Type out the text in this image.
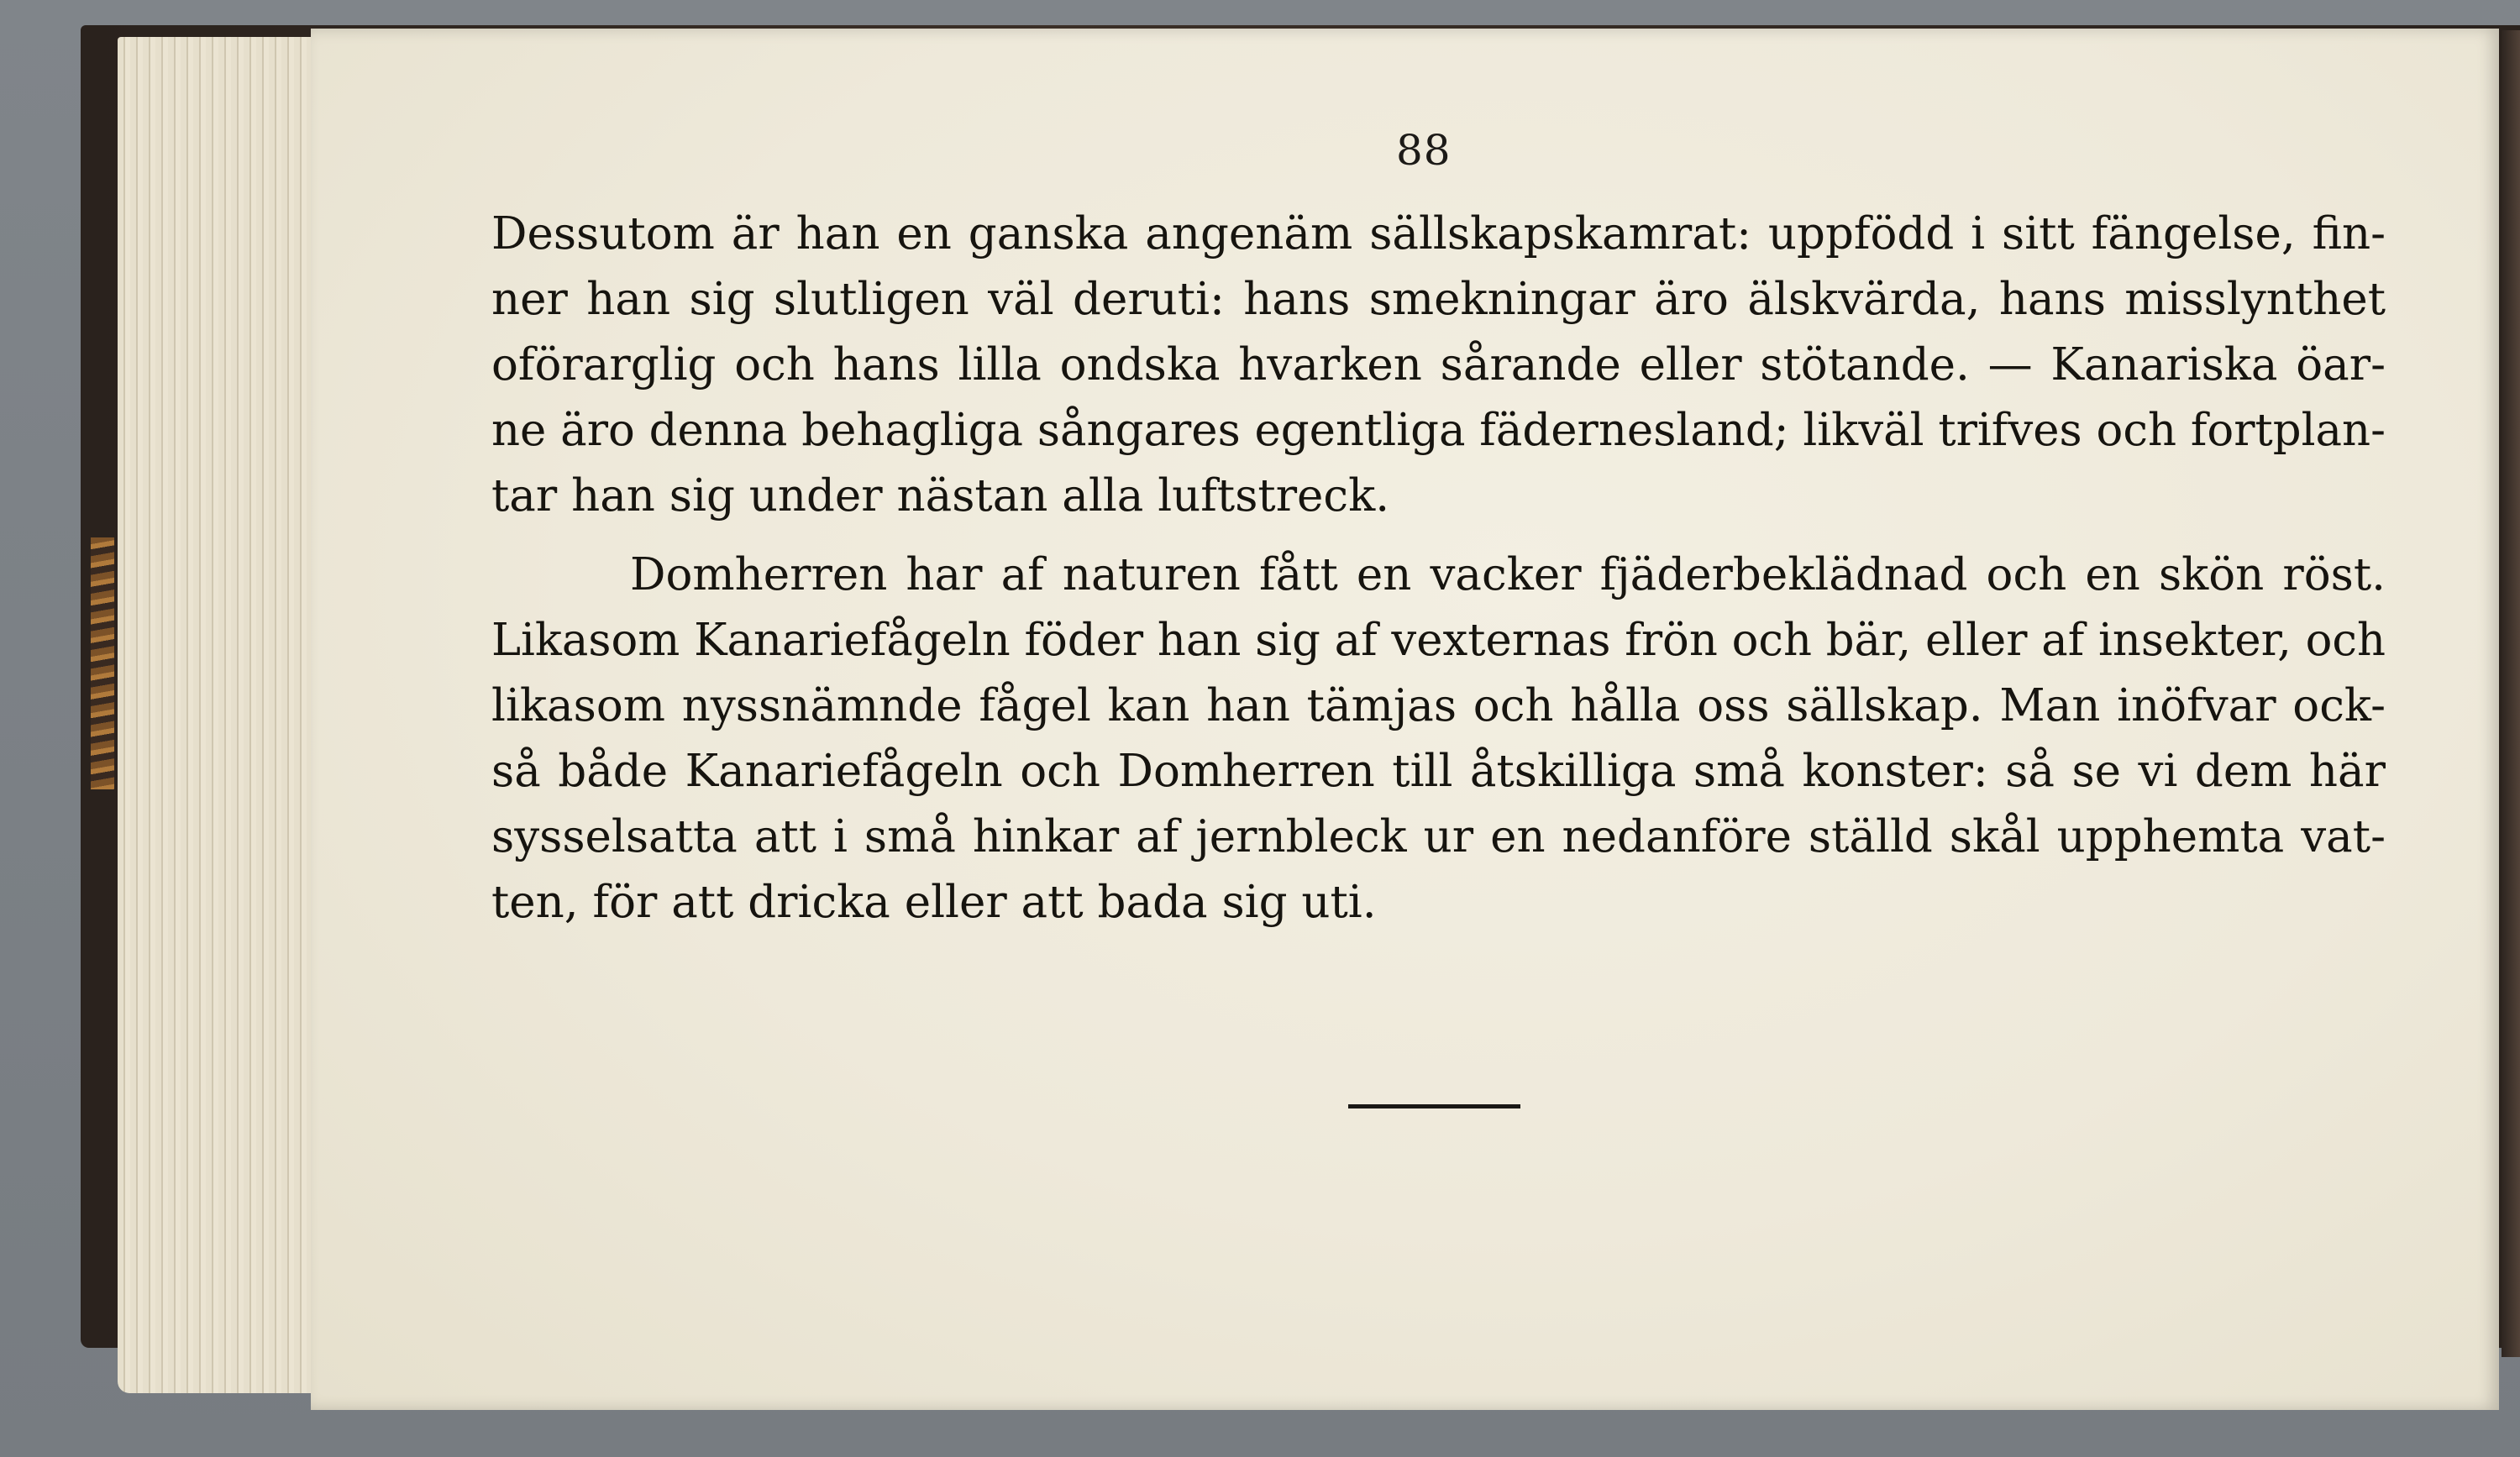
88
Dessutom är han en ganska angenäm sällskapskamrat: uppfödd i sitt fängelse, fin-
ner han sig slutligen väl deruti: hans smekningar äro älskvärda, hans misslynthet
oförarglig och hans lilla ondska hvarken sårande eller stötande. — Kanariska öar-
ne äro denna behagliga sångares egentliga fädernesland; likväl trifves och fortplan-
tar han sig under nästan alla luftstreck.
Domherren har af naturen fått en vacker fjäderbeklädnad och en skön röst.
Likasom Kanariefågeln föder han sig af vexternas frön och bär, eller af insekter, och
likasom nyssnämnde fågel kan han tämjas och hålla oss sällskap. Man inöfvar ock-
så både Kanariefågeln och Domherren till åtskilliga små konster: så se vi dem här
sysselsatta att i små hinkar af jernbleck ur en nedanföre ställd skål upphemta vat-
ten, för att dricka eller att bada sig uti.
